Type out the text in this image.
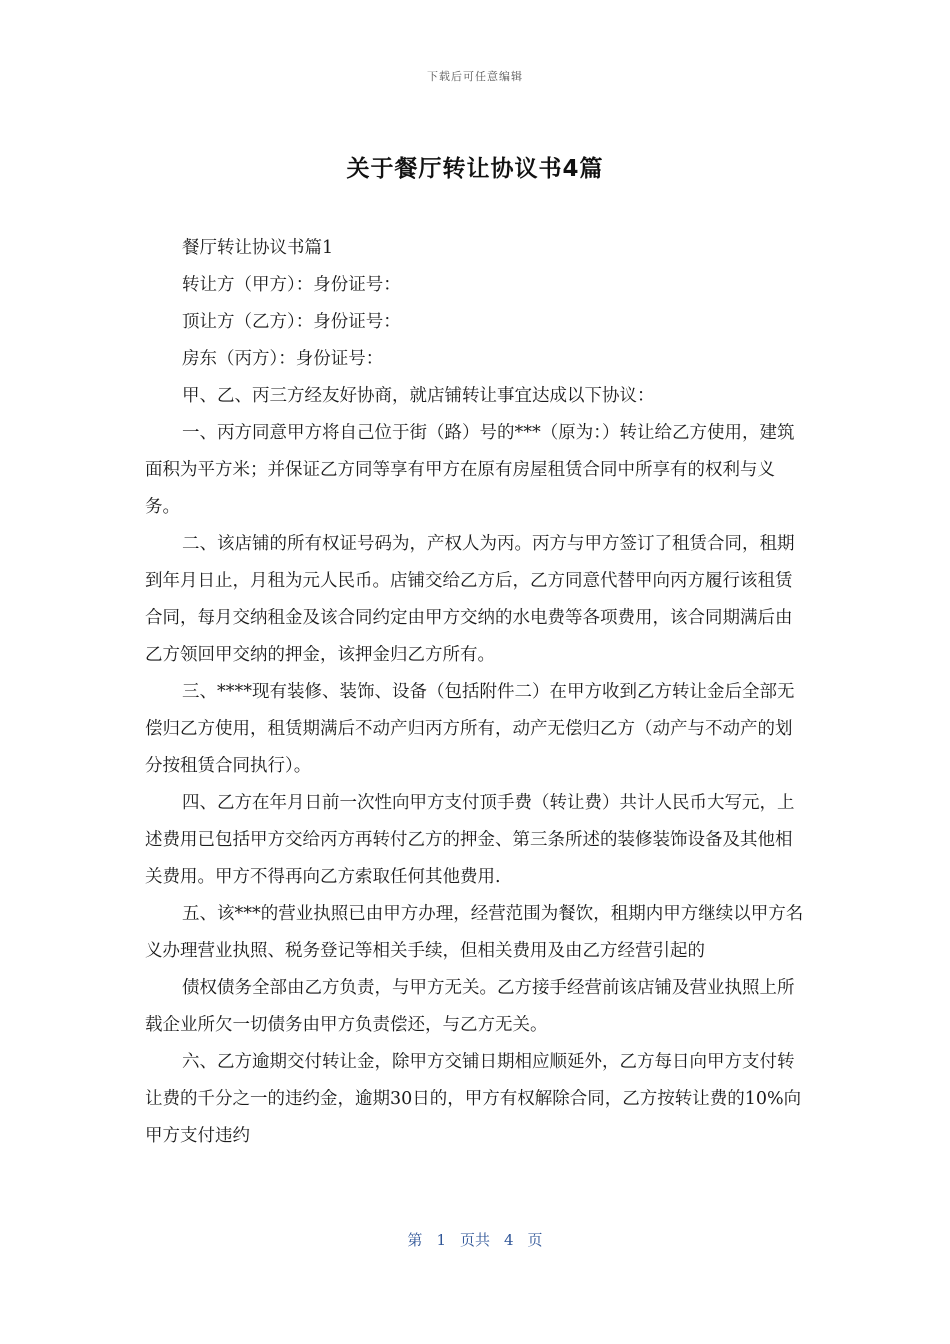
下载后可任意编辑
关于餐厅转让协议书4篇

餐厅转让协议书篇1

转让方（甲方）：身份证号：

顶让方（乙方）：身份证号：

房东（丙方）：身份证号：

甲、乙、丙三方经友好协商，就店铺转让事宜达成以下协议：

一、丙方同意甲方将自己位于街（路）号的***（原为：）转让给乙方使用，建筑面积为平方米；并保证乙方同等享有甲方在原有房屋租赁合同中所享有的权利与义务。

二、该店铺的所有权证号码为，产权人为丙。丙方与甲方签订了租赁合同，租期到年月日止，月租为元人民币。店铺交给乙方后，乙方同意代替甲向丙方履行该租赁合同，每月交纳租金及该合同约定由甲方交纳的水电费等各项费用，该合同期满后由乙方领回甲交纳的押金，该押金归乙方所有。

三、****现有装修、装饰、设备（包括附件二）在甲方收到乙方转让金后全部无偿归乙方使用，租赁期满后不动产归丙方所有，动产无偿归乙方（动产与不动产的划分按租赁合同执行）。

四、乙方在年月日前一次性向甲方支付顶手费（转让费）共计人民币大写元，上述费用已包括甲方交给丙方再转付乙方的押金、第三条所述的装修装饰设备及其他相关费用。甲方不得再向乙方索取任何其他费用.

五、该***的营业执照已由甲方办理，经营范围为餐饮，租期内甲方继续以甲方名义办理营业执照、税务登记等相关手续，但相关费用及由乙方经营引起的

债权债务全部由乙方负责，与甲方无关。乙方接手经营前该店铺及营业执照上所载企业所欠一切债务由甲方负责偿还，与乙方无关。

六、乙方逾期交付转让金，除甲方交铺日期相应顺延外，乙方每日向甲方支付转让费的千分之一的违约金，逾期30日的，甲方有权解除合同，乙方按转让费的10%向甲方支付违约

第 1 页共 4 页
